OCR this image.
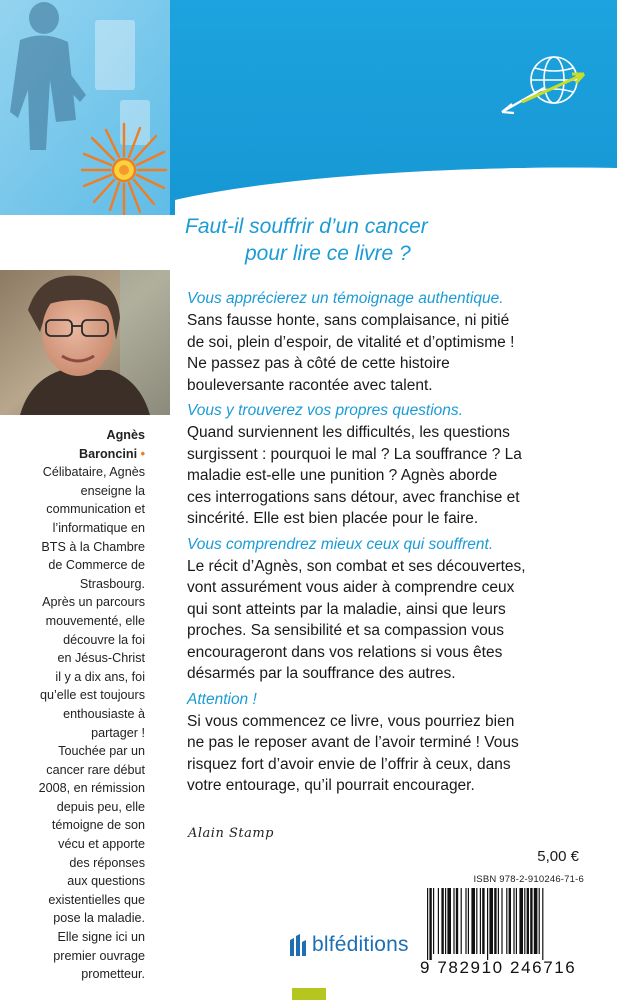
Faut-il souffrir d’un cancer
pour lire ce livre ?
Vous apprécierez un témoignage authentique.
Sans fausse honte, sans complaisance, ni pitié
de soi, plein d’espoir, de vitalité et d’optimisme !
Ne passez pas à côté de cette histoire
bouleversante racontée avec talent.
Vous y trouverez vos propres questions.
Quand surviennent les difficultés, les questions
surgissent : pourquoi le mal ? La souffrance ? La
maladie est-elle une punition ? Agnès aborde
ces interrogations sans détour, avec franchise et
sincérité. Elle est bien placée pour le faire.
Vous comprendrez mieux ceux qui souffrent.
Le récit d’Agnès, son combat et ses découvertes,
vont assurément vous aider à comprendre ceux
qui sont atteints par la maladie, ainsi que leurs
proches. Sa sensibilité et sa compassion vous
encourageront dans vos relations si vous êtes
désarmés par la souffrance des autres.
Attention !
Si vous commencez ce livre, vous pourriez bien
ne pas le reposer avant de l’avoir terminé ! Vous
risquez fort d’avoir envie de l’offrir à ceux, dans
votre entourage, qu’il pourrait encourager.
Alain Stamp
Agnès
Baroncini •
Célibataire, Agnès
enseigne la
communication et
l’informatique en
BTS à la Chambre
de Commerce de
Strasbourg.
Après un parcours
mouvementé, elle
découvre la foi
en Jésus-Christ
il y a dix ans, foi
qu’elle est toujours
enthousiaste à
partager !
Touchée par un
cancer rare début
2008, en rémission
depuis peu, elle
témoigne de son
vécu et apporte
des réponses
aux questions
existentielles que
pose la maladie.
Elle signe ici un
premier ouvrage
prometteur.
5,00 €
ISBN 978-2-910246-71-6
9 782910 246716
blféditions
